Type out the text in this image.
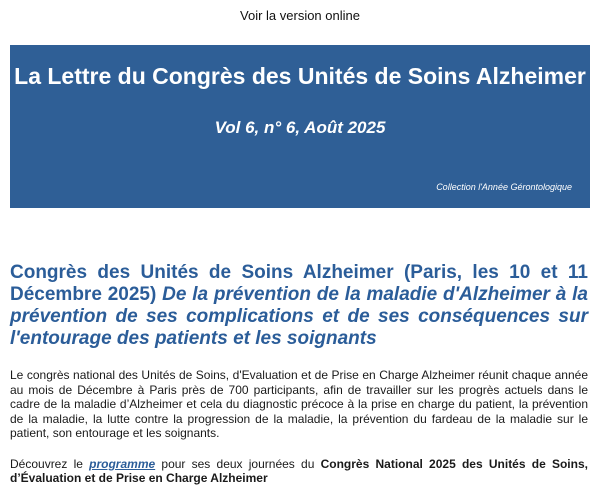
Voir la version online
La Lettre du Congrès des Unités de Soins Alzheimer

Vol 6, n° 6, Août 2025

Collection l'Année Gérontologique
Congrès des Unités de Soins Alzheimer (Paris, les 10 et 11 Décembre 2025) De la prévention de la maladie d'Alzheimer à la prévention de ses complications et de ses conséquences sur l'entourage des patients et les soignants

Le congrès national des Unités de Soins, d'Evaluation et de Prise en Charge Alzheimer réunit chaque année au mois de Décembre à Paris près de 700 participants, afin de travailler sur les progrès actuels dans le cadre de la maladie d’Alzheimer et cela du diagnostic précoce à la prise en charge du patient, la prévention de la maladie, la lutte contre la progression de la maladie, la prévention du fardeau de la maladie sur le patient, son entourage et les soignants.

Découvrez le programme pour ses deux journées du Congrès National 2025 des Unités de Soins, d’Évaluation et de Prise en Charge Alzheimer
